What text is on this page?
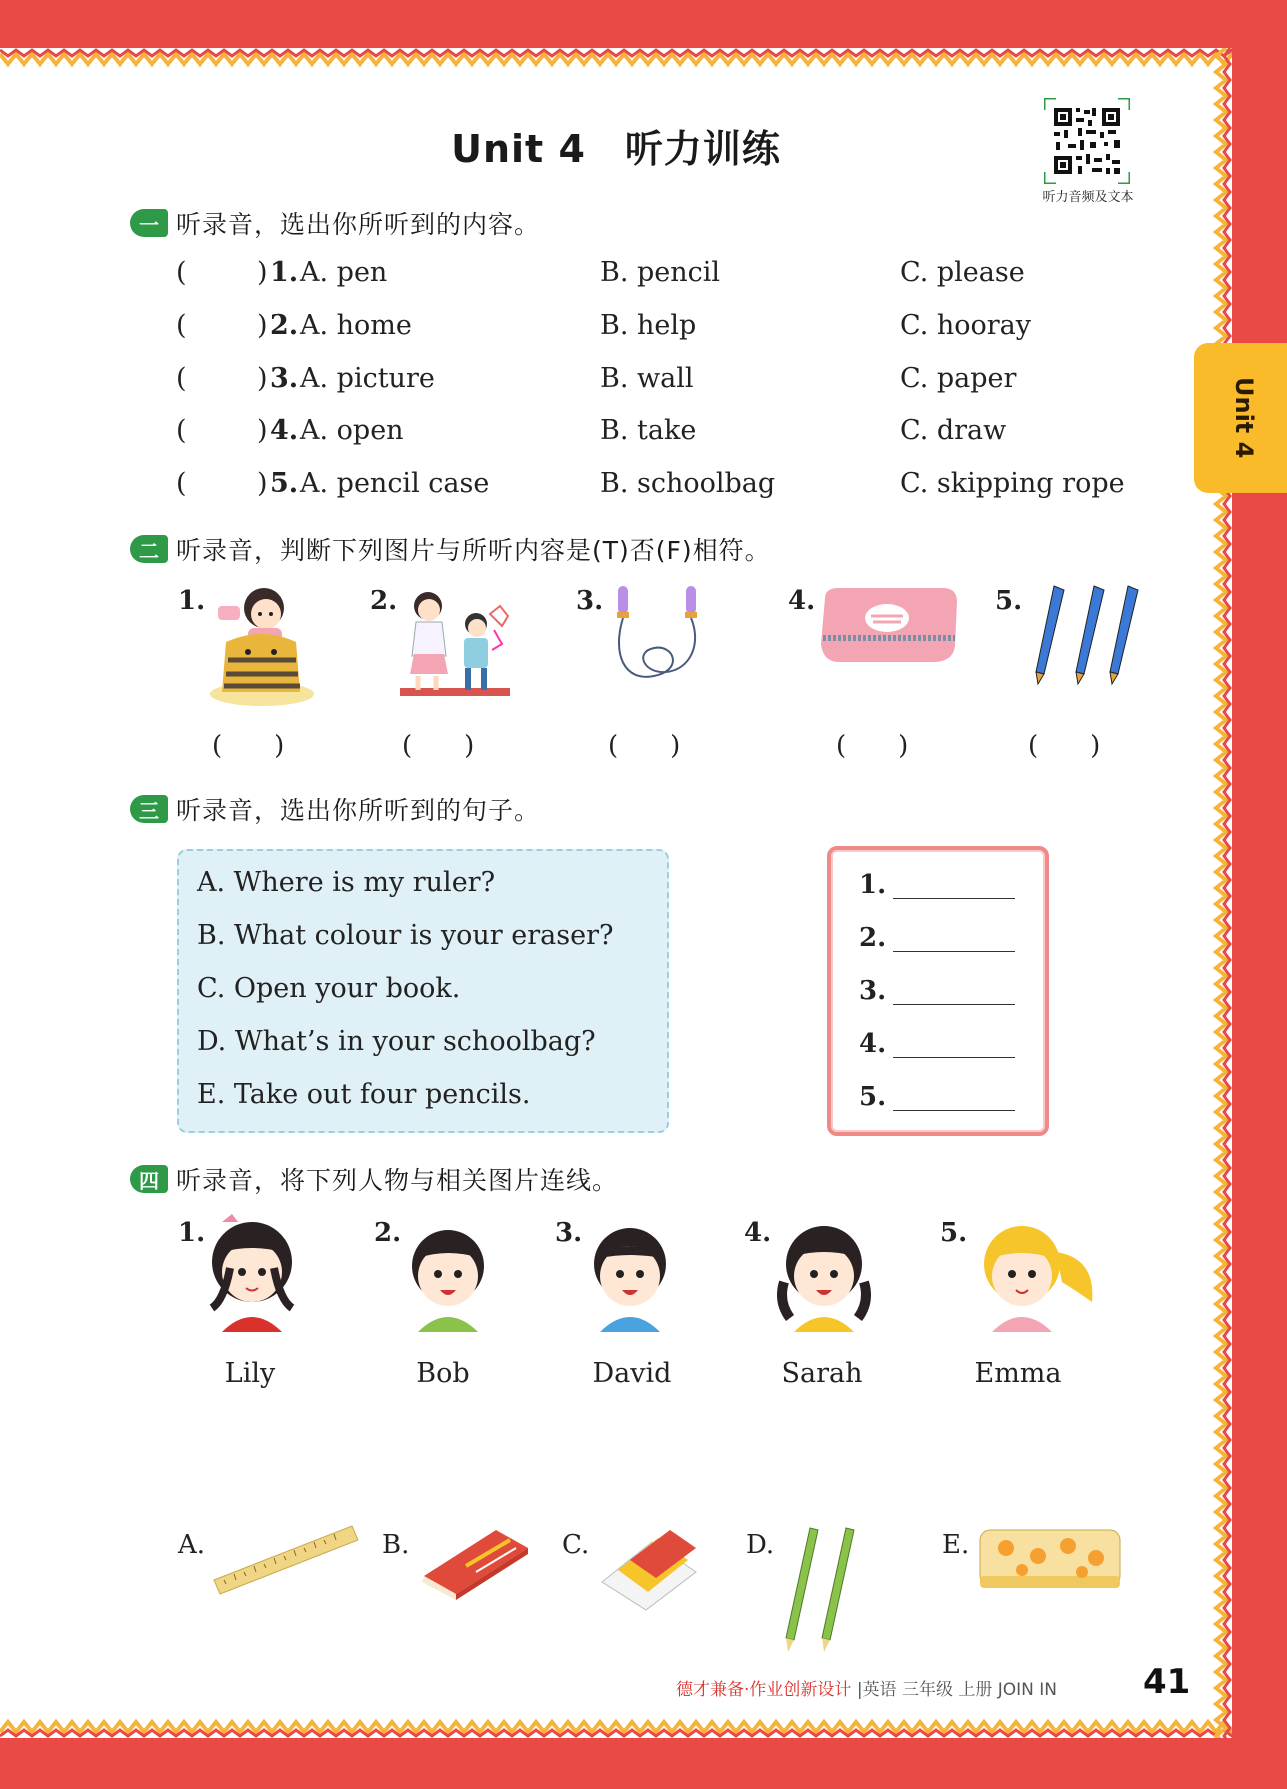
Unit 4　听力训练
听力音频及文本
Unit 4
一 听录音，选出你所听到的内容。
(	) 1. A. pen	B. pencil	C. please
(	) 2. A. home	B. help	C. hooray
(	) 3. A. picture	B. wall	C. paper
(	) 4. A. open	B. take	C. draw
(	) 5. A. pencil case	B. schoolbag	C. skipping rope
二 听录音，判断下列图片与所听内容是(T)否(F)相符。
1.
(　　)
2.
(　　)
3.
(　　)
4.
(　　)
5.
(　　)
三 听录音，选出你所听到的句子。
A. Where is my ruler?
B. What colour is your eraser?
C. Open your book.
D. What’s in your schoolbag?
E. Take out four pencils.
1.
2.
3.
4.
5.
四 听录音，将下列人物与相关图片连线。
1.
Lily
2.
Bob
3.
David
4.
Sarah
5.
Emma
A.	B.	C.	D.	E.
德才兼备·作业创新设计 |英语 三年级 上册 JOIN IN	41
